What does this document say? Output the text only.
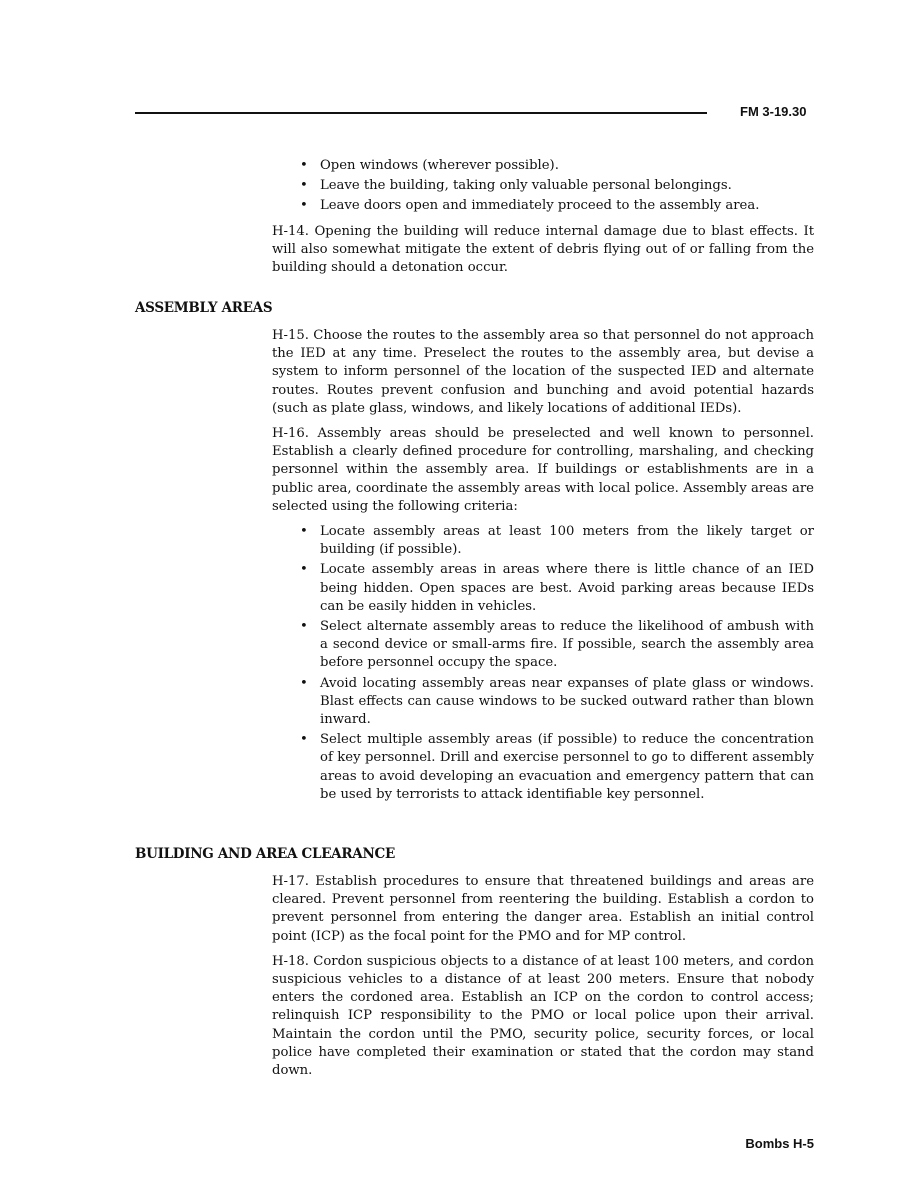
FM 3-19.30
• Open windows (wherever possible).
• Leave the building, taking only valuable personal belongings.
• Leave doors open and immediately proceed to the assembly area.

H-14. Opening the building will reduce internal damage due to blast effects. It will also somewhat mitigate the extent of debris flying out of or falling from the building should a detonation occur.

ASSEMBLY AREAS

H-15. Choose the routes to the assembly area so that personnel do not approach the IED at any time. Preselect the routes to the assembly area, but devise a system to inform personnel of the location of the suspected IED and alternate routes. Routes prevent confusion and bunching and avoid potential hazards (such as plate glass, windows, and likely locations of additional IEDs).

H-16. Assembly areas should be preselected and well known to personnel. Establish a clearly defined procedure for controlling, marshaling, and checking personnel within the assembly area. If buildings or establishments are in a public area, coordinate the assembly areas with local police. Assembly areas are selected using the following criteria:

• Locate assembly areas at least 100 meters from the likely target or building (if possible).
• Locate assembly areas in areas where there is little chance of an IED being hidden. Open spaces are best. Avoid parking areas because IEDs can be easily hidden in vehicles.
• Select alternate assembly areas to reduce the likelihood of ambush with a second device or small-arms fire. If possible, search the assembly area before personnel occupy the space.
• Avoid locating assembly areas near expanses of plate glass or windows. Blast effects can cause windows to be sucked outward rather than blown inward.
• Select multiple assembly areas (if possible) to reduce the concentration of key personnel. Drill and exercise personnel to go to different assembly areas to avoid developing an evacuation and emergency pattern that can be used by terrorists to attack identifiable key personnel.
BUILDING AND AREA CLEARANCE

H-17. Establish procedures to ensure that threatened buildings and areas are cleared. Prevent personnel from reentering the building. Establish a cordon to prevent personnel from entering the danger area. Establish an initial control point (ICP) as the focal point for the PMO and for MP control.

H-18. Cordon suspicious objects to a distance of at least 100 meters, and cordon suspicious vehicles to a distance of at least 200 meters. Ensure that nobody enters the cordoned area. Establish an ICP on the cordon to control access; relinquish ICP responsibility to the PMO or local police upon their arrival. Maintain the cordon until the PMO, security police, security forces, or local police have completed their examination or stated that the cordon may stand down.

Bombs H-5
